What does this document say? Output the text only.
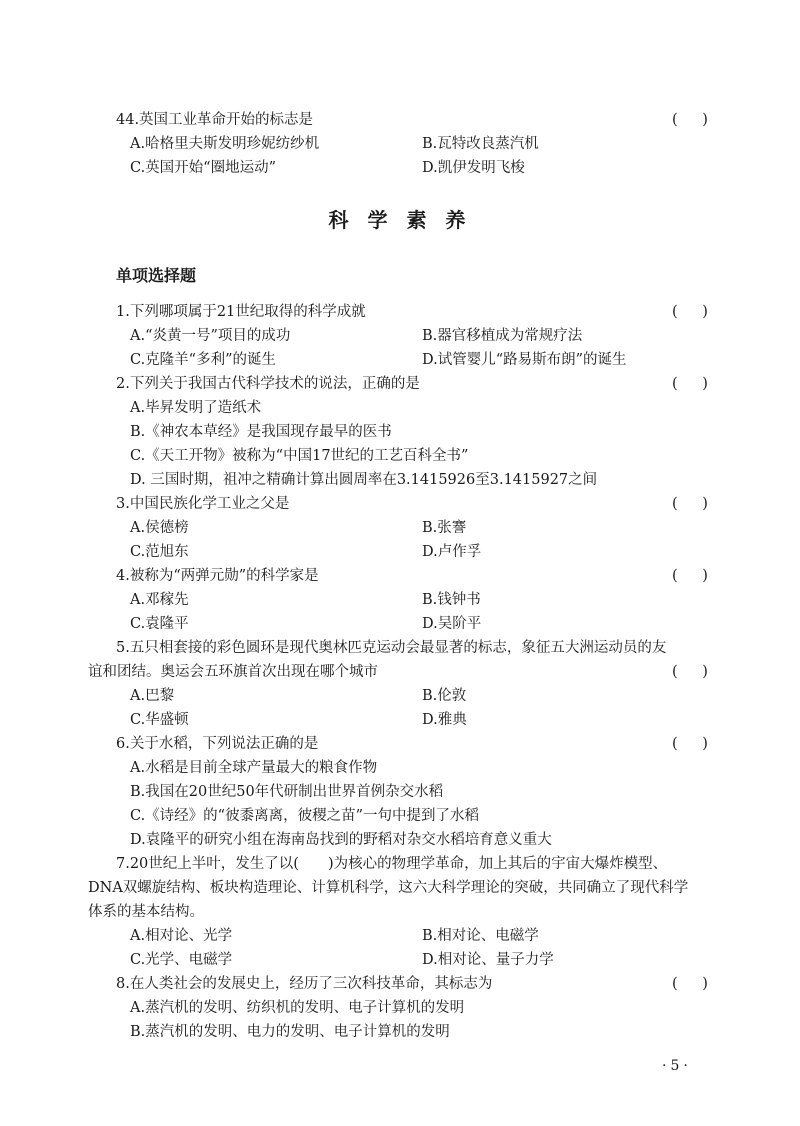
44.英国工业革命开始的标志是	( )
A.哈格里夫斯发明珍妮纺纱机	B.瓦特改良蒸汽机
C.英国开始“圈地运动”	D.凯伊发明飞梭
科 学 素 养
单项选择题
1.下列哪项属于21世纪取得的科学成就	( )
A.“炎黄一号”项目的成功	B.器官移植成为常规疗法
C.克隆羊“多利”的诞生	D.试管婴儿“路易斯布朗”的诞生
2.下列关于我国古代科学技术的说法，正确的是	( )
A.毕昇发明了造纸术
B.《神农本草经》是我国现存最早的医书
C.《天工开物》被称为“中国17世纪的工艺百科全书”
D. 三国时期，祖冲之精确计算出圆周率在3.1415926至3.1415927之间
3.中国民族化学工业之父是	( )
A.侯德榜	B.张謇
C.范旭东	D.卢作孚
4.被称为“两弹元勋”的科学家是	( )
A.邓稼先	B.钱钟书
C.袁隆平	D.吴阶平
5.五只相套接的彩色圆环是现代奥林匹克运动会最显著的标志，象征五大洲运动员的友
谊和团结。奥运会五环旗首次出现在哪个城市	( )
A.巴黎	B.伦敦
C.华盛顿	D.雅典
6.关于水稻，下列说法正确的是	( )
A.水稻是目前全球产量最大的粮食作物
B.我国在20世纪50年代研制出世界首例杂交水稻
C.《诗经》的“彼黍离离，彼稷之苗”一句中提到了水稻
D.袁隆平的研究小组在海南岛找到的野稻对杂交水稻培育意义重大
7.20世纪上半叶，发生了以(　　)为核心的物理学革命，加上其后的宇宙大爆炸模型、
DNA双螺旋结构、板块构造理论、计算机科学，这六大科学理论的突破，共同确立了现代科学
体系的基本结构。
A.相对论、光学	B.相对论、电磁学
C.光学、电磁学	D.相对论、量子力学
8.在人类社会的发展史上，经历了三次科技革命，其标志为	( )
A.蒸汽机的发明、纺织机的发明、电子计算机的发明
B.蒸汽机的发明、电力的发明、电子计算机的发明
·5·
